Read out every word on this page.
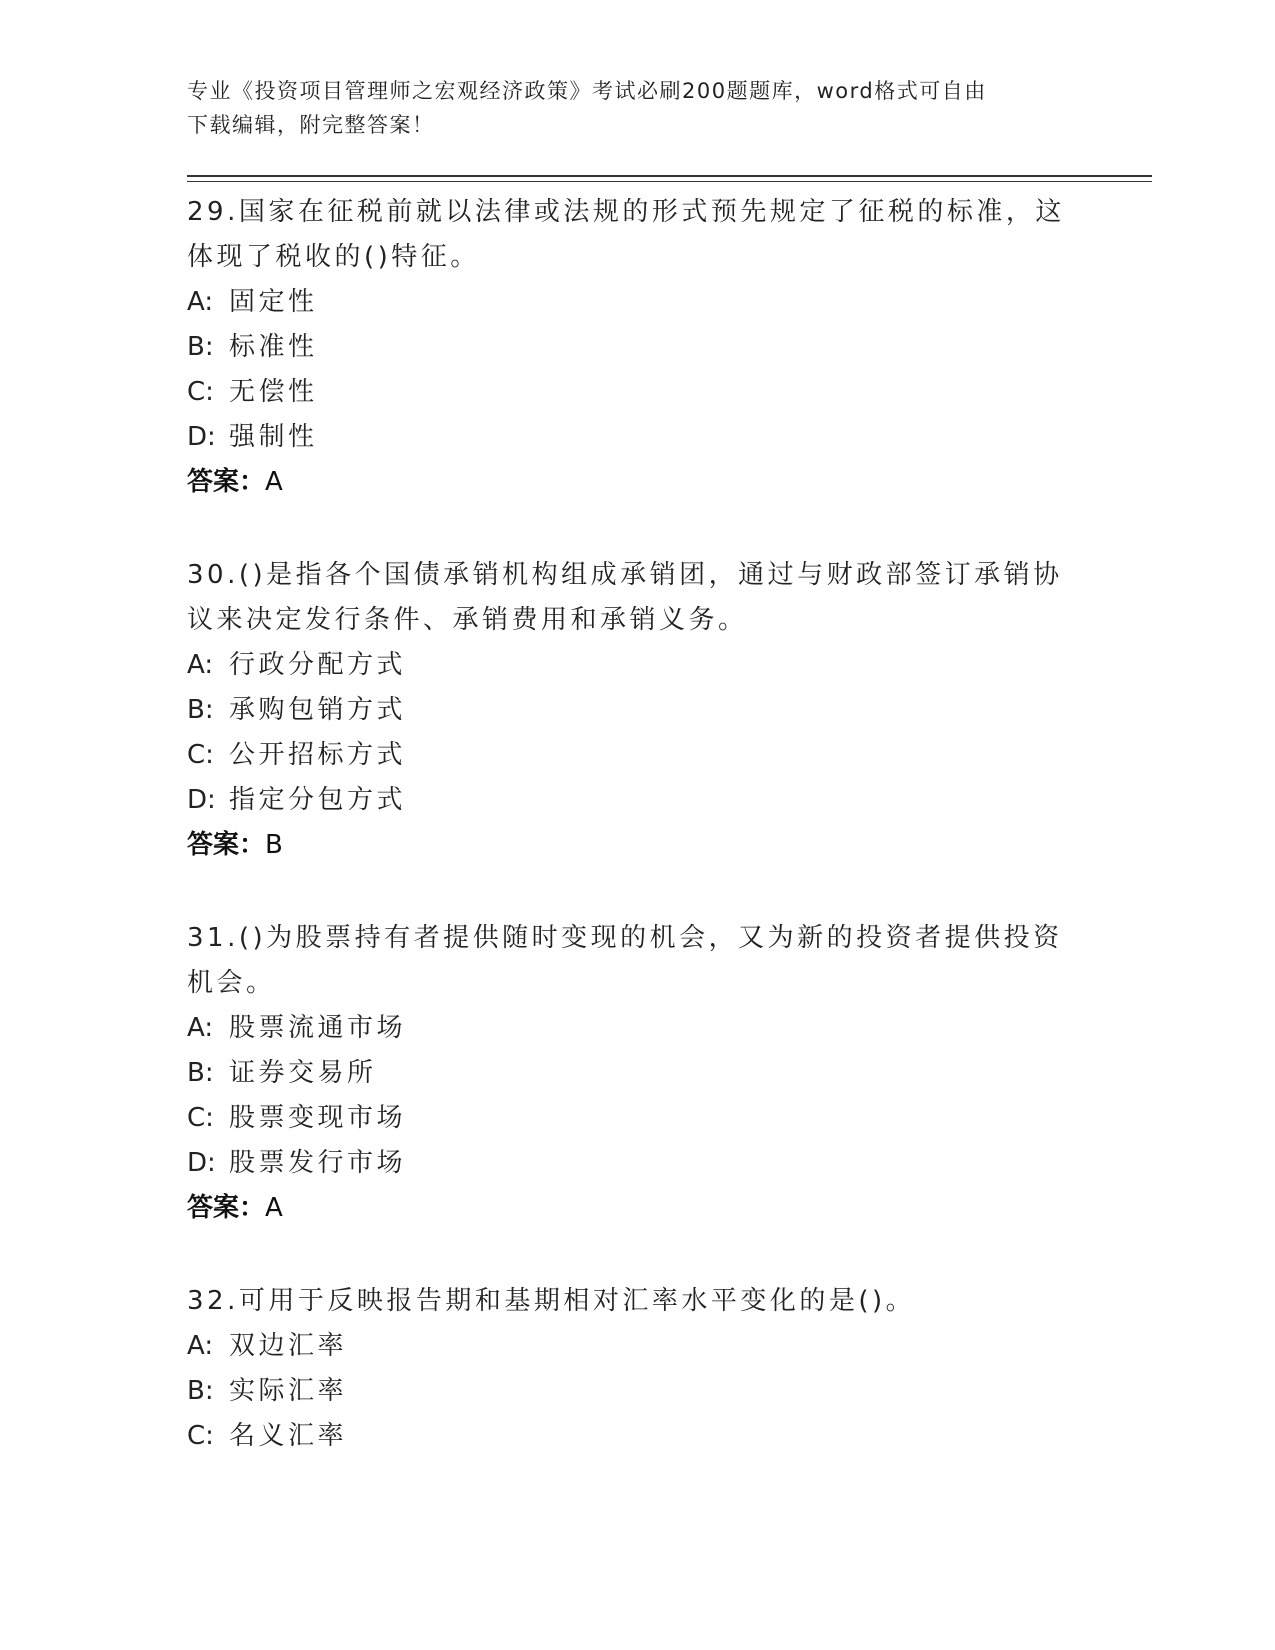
专业《投资项目管理师之宏观经济政策》考试必刷200题题库，word格式可自由
下载编辑，附完整答案！

29.国家在征税前就以法律或法规的形式预先规定了征税的标准，这体现了税收的()特征。

A: 固定性
B: 标准性
C: 无偿性
D: 强制性
答案：A

30.()是指各个国债承销机构组成承销团，通过与财政部签订承销协议来决定发行条件、承销费用和承销义务。

A: 行政分配方式
B: 承购包销方式
C: 公开招标方式
D: 指定分包方式
答案：B

31.()为股票持有者提供随时变现的机会，又为新的投资者提供投资机会。

A: 股票流通市场
B: 证券交易所
C: 股票变现市场
D: 股票发行市场
答案：A

32.可用于反映报告期和基期相对汇率水平变化的是()。

A: 双边汇率
B: 实际汇率
C: 名义汇率
